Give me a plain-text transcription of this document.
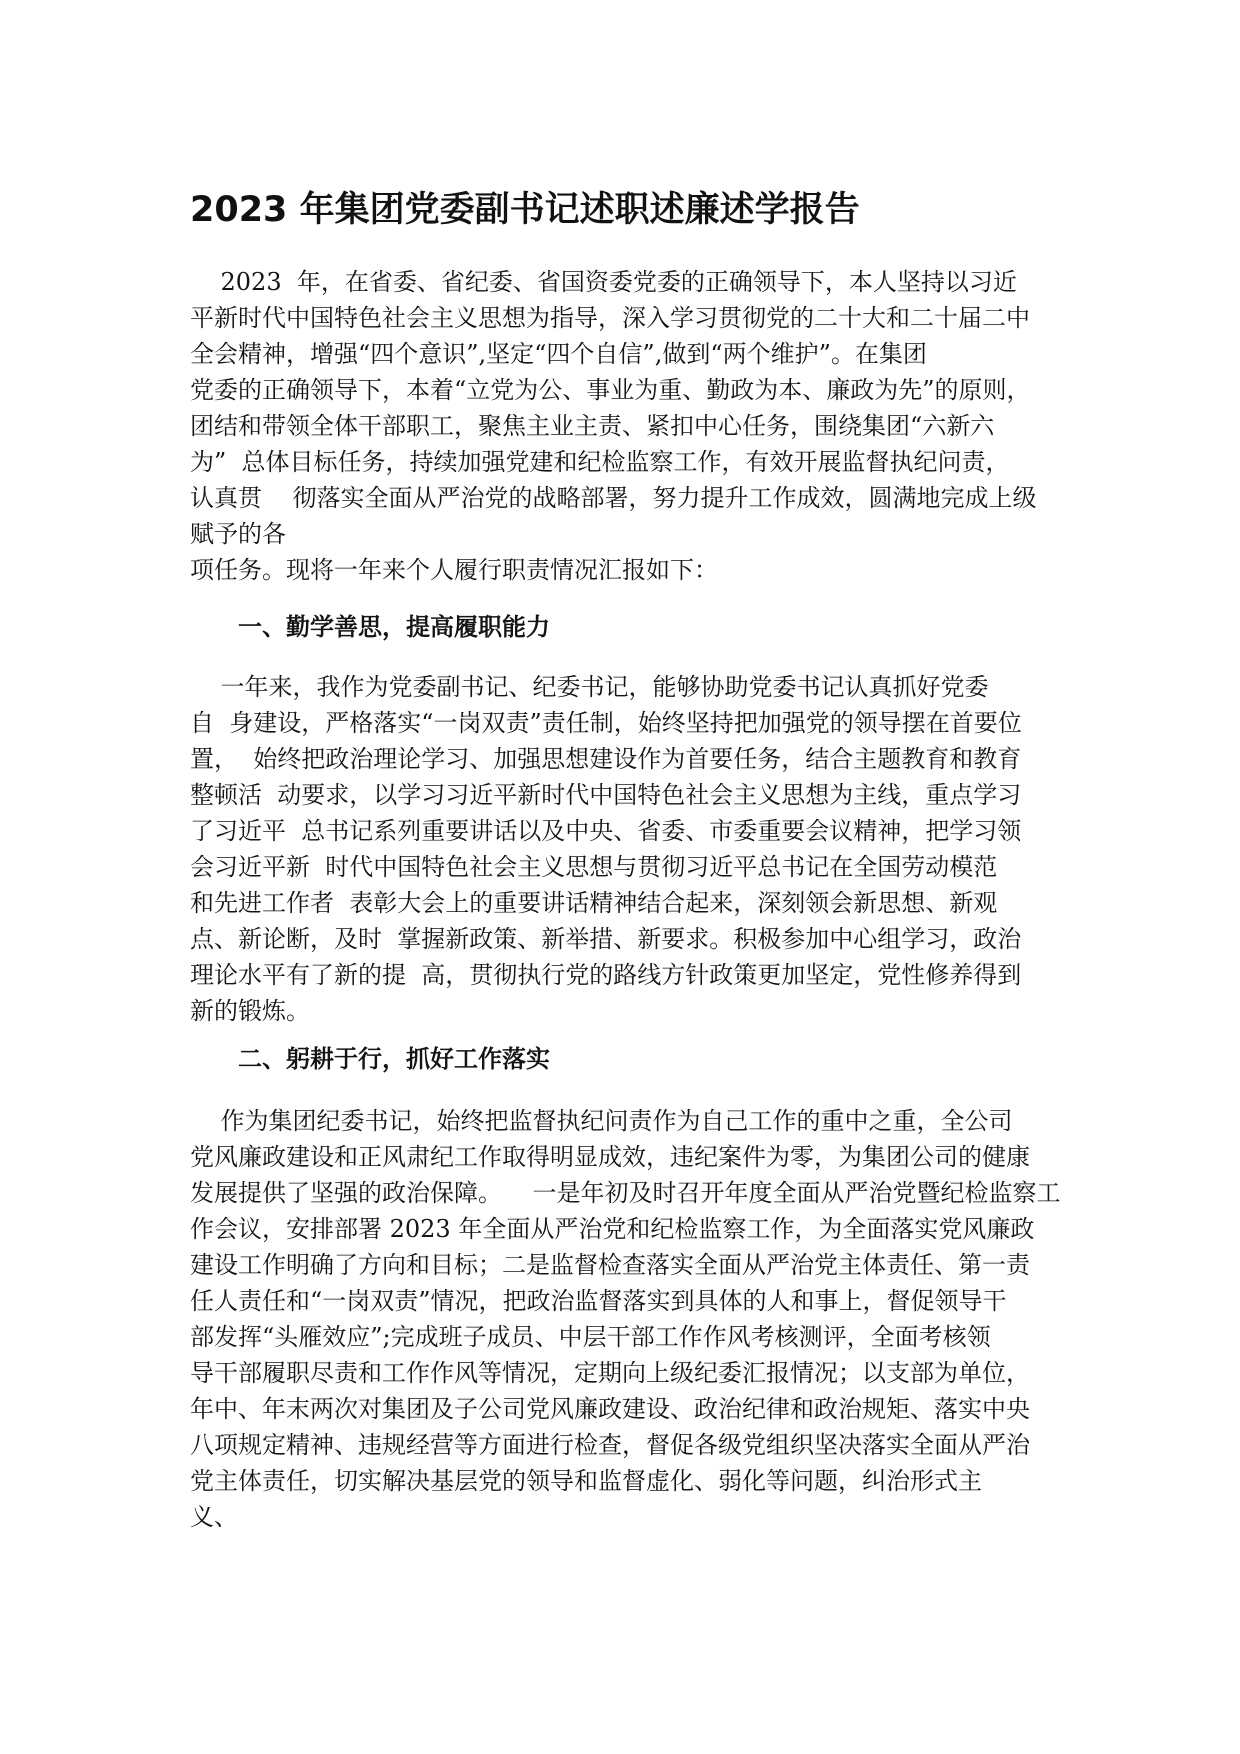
2023 年集团党委副书记述职述廉述学报告
2023  年，在省委、省纪委、省国资委党委的正确领导下，本人坚持以习近
平新时代中国特色社会主义思想为指导，深入学习贯彻党的二十大和二十届二中
全会精神，增强“四个意识”,坚定“四个自信”,做到“两个维护”。在集团
党委的正确领导下，本着“立党为公、事业为重、勤政为本、廉政为先”的原则，
团结和带领全体干部职工，聚焦主业主责、紧扣中心任务，围绕集团“六新六
为”  总体目标任务，持续加强党建和纪检监察工作，有效开展监督执纪问责，
认真贯    彻落实全面从严治党的战略部署，努力提升工作成效，圆满地完成上级
赋予的各
项任务。现将一年来个人履行职责情况汇报如下：
一、勤学善思，提高履职能力
一年来，我作为党委副书记、纪委书记，能够协助党委书记认真抓好党委
自  身建设，严格落实“一岗双责”责任制，始终坚持把加强党的领导摆在首要位
置，  始终把政治理论学习、加强思想建设作为首要任务，结合主题教育和教育
整顿活  动要求，以学习习近平新时代中国特色社会主义思想为主线，重点学习
了习近平  总书记系列重要讲话以及中央、省委、市委重要会议精神，把学习领
会习近平新  时代中国特色社会主义思想与贯彻习近平总书记在全国劳动模范
和先进工作者  表彰大会上的重要讲话精神结合起来，深刻领会新思想、新观
点、新论断，及时  掌握新政策、新举措、新要求。积极参加中心组学习，政治
理论水平有了新的提  高，贯彻执行党的路线方针政策更加坚定，党性修养得到
新的锻炼。
二、躬耕于行，抓好工作落实
作为集团纪委书记，始终把监督执纪问责作为自己工作的重中之重，全公司
党风廉政建设和正风肃纪工作取得明显成效，违纪案件为零，为集团公司的健康
发展提供了坚强的政治保障。    一是年初及时召开年度全面从严治党暨纪检监察工
作会议，安排部署 2023 年全面从严治党和纪检监察工作，为全面落实党风廉政
建设工作明确了方向和目标；二是监督检查落实全面从严治党主体责任、第一责
任人责任和“一岗双责”情况，把政治监督落实到具体的人和事上，督促领导干
部发挥“头雁效应”;完成班子成员、中层干部工作作风考核测评，全面考核领
导干部履职尽责和工作作风等情况，定期向上级纪委汇报情况；以支部为单位，
年中、年末两次对集团及子公司党风廉政建设、政治纪律和政治规矩、落实中央
八项规定精神、违规经营等方面进行检查，督促各级党组织坚决落实全面从严治
党主体责任，切实解决基层党的领导和监督虚化、弱化等问题，纠治形式主
义、
